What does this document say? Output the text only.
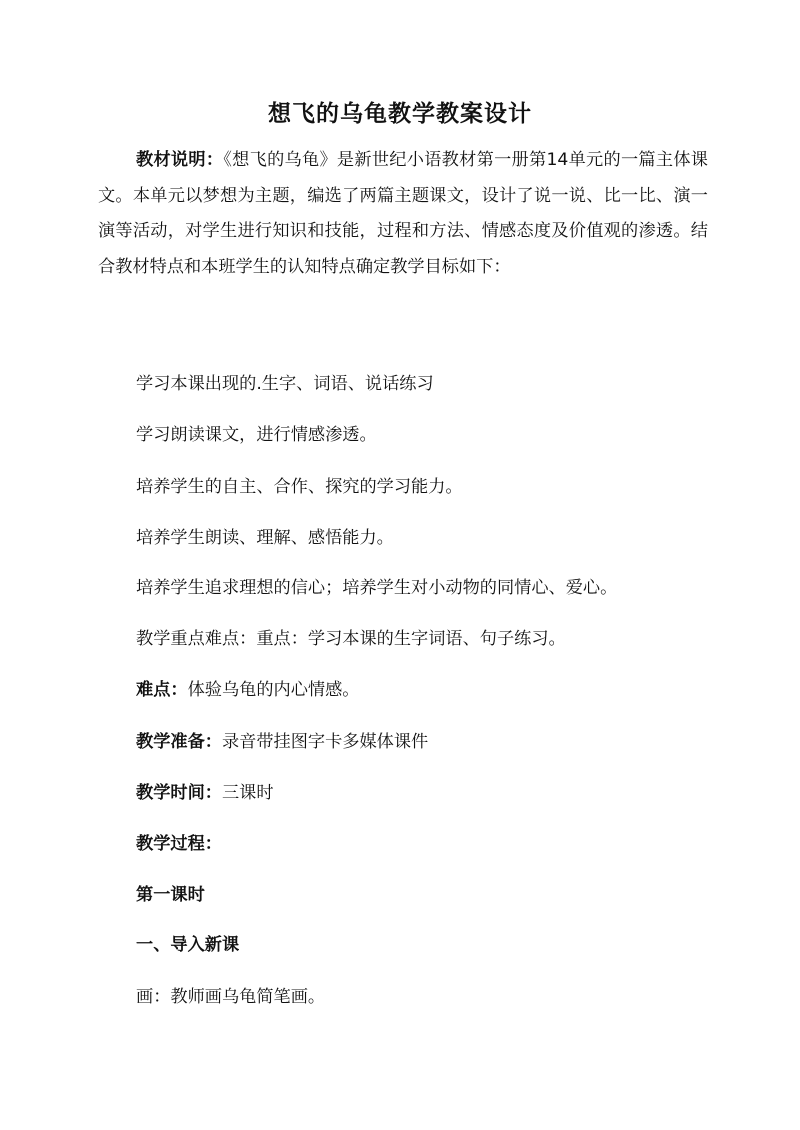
想飞的乌龟教学教案设计

教材说明：《想飞的乌龟》是新世纪小语教材第一册第14单元的一篇主体课文。本单元以梦想为主题，编选了两篇主题课文，设计了说一说、比一比、演一演等活动，对学生进行知识和技能，过程和方法、情感态度及价值观的渗透。结合教材特点和本班学生的认知特点确定教学目标如下：

学习本课出现的.生字、词语、说话练习

学习朗读课文，进行情感渗透。

培养学生的自主、合作、探究的学习能力。

培养学生朗读、理解、感悟能力。

培养学生追求理想的信心；培养学生对小动物的同情心、爱心。

教学重点难点：重点：学习本课的生字词语、句子练习。

难点：体验乌龟的内心情感。

教学准备：录音带挂图字卡多媒体课件

教学时间：三课时

教学过程：

第一课时

一、导入新课

画：教师画乌龟简笔画。
